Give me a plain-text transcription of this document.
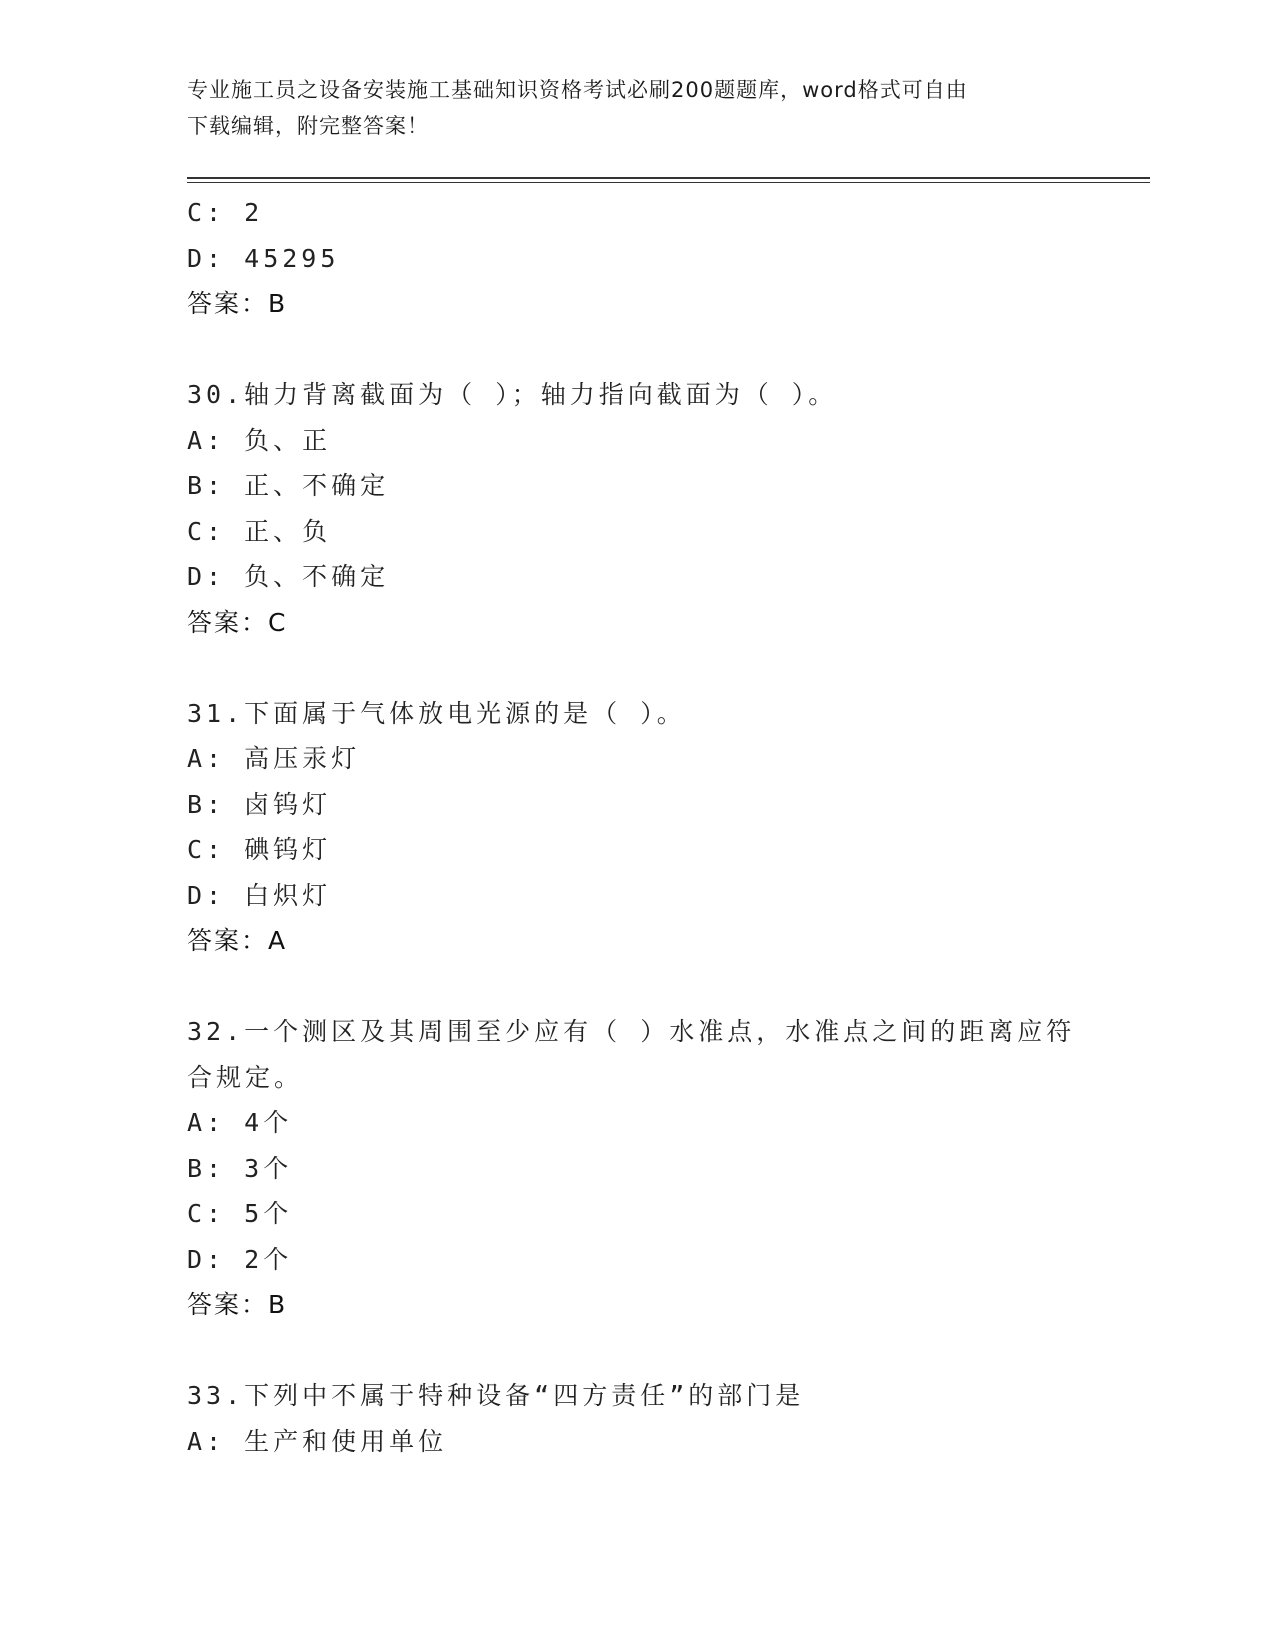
专业施工员之设备安装施工基础知识资格考试必刷200题题库，word格式可自由
下载编辑，附完整答案！
C: 2
D: 45295
答案：B
30.轴力背离截面为（ ）；轴力指向截面为（ ）。
A: 负、正
B: 正、不确定
C: 正、负
D: 负、不确定
答案：C
31.下面属于气体放电光源的是（ ）。
A: 高压汞灯
B: 卤钨灯
C: 碘钨灯
D: 白炽灯
答案：A
32.一个测区及其周围至少应有（ ）水准点，水准点之间的距离应符
合规定。
A: 4个
B: 3个
C: 5个
D: 2个
答案：B
33.下列中不属于特种设备“四方责任”的部门是
A: 生产和使用单位
